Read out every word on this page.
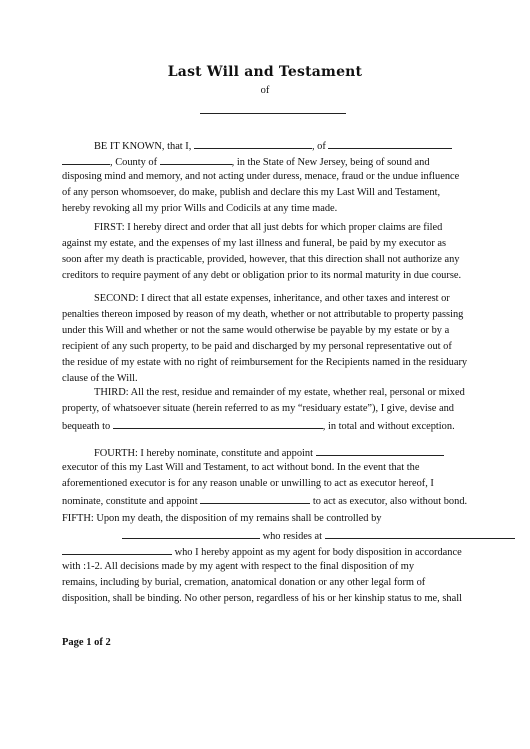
Last Will and Testament
of
BE IT KNOWN, that I,	, of
, County of	, in the State of New Jersey, being of sound and
disposing mind and memory, and not acting under duress, menace, fraud or the undue influence
of any person whomsoever, do make, publish and declare this my Last Will and Testament,
hereby revoking all my prior Wills and Codicils at any time made.
FIRST: I hereby direct and order that all just debts for which proper claims are filed
against my estate, and the expenses of my last illness and funeral, be paid by my executor as
soon after my death is practicable, provided, however, that this direction shall not authorize any
creditors to require payment of any debt or obligation prior to its normal maturity in due course.
SECOND: I direct that all estate expenses, inheritance, and other taxes and interest or
penalties thereon imposed by reason of my death, whether or not attributable to property passing
under this Will and whether or not the same would otherwise be payable by my estate or by a
recipient of any such property, to be paid and discharged by my personal representative out of
the residue of my estate with no right of reimbursement for the Recipients named in the residuary
clause of the Will.
THIRD: All the rest, residue and remainder of my estate, whether real, personal or mixed
property, of whatsoever situate (herein referred to as my “residuary estate”), I give, devise and
bequeath to	, in total and without exception.
FOURTH: I hereby nominate, constitute and appoint
executor of this my Last Will and Testament, to act without bond. In the event that the
aforementioned executor is for any reason unable or unwilling to act as executor hereof, I
nominate, constitute and appoint	to act as executor, also without bond.
FIFTH: Upon my death, the disposition of my remains shall be controlled by
who resides at
who I hereby appoint as my agent for body disposition in accordance
with :1-2. All decisions made by my agent with respect to the final disposition of my
remains, including by burial, cremation, anatomical donation or any other legal form of
disposition, shall be binding. No other person, regardless of his or her kinship status to me, shall
Page 1 of 2
